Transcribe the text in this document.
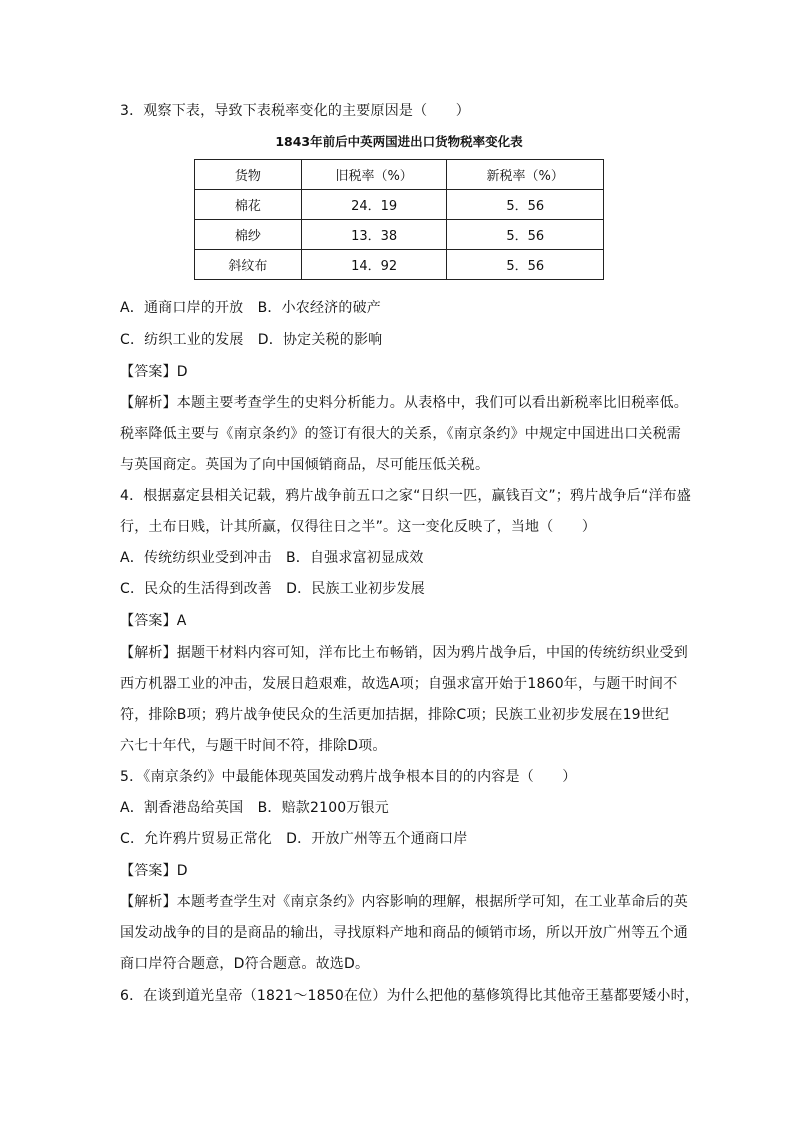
3．观察下表，导致下表税率变化的主要原因是（　　）
1843年前后中英两国进出口货物税率变化表
货物	旧税率（%）	新税率（%）
棉花	24．19	5．56
棉纱	13．38	5．56
斜纹布	14．92	5．56
A．通商口岸的开放　B．小农经济的破产
C．纺织工业的发展　D．协定关税的影响
【答案】D
【解析】本题主要考查学生的史料分析能力。从表格中，我们可以看出新税率比旧税率低。
税率降低主要与《南京条约》的签订有很大的关系，《南京条约》中规定中国进出口关税需
与英国商定。英国为了向中国倾销商品，尽可能压低关税。
4．根据嘉定县相关记载，鸦片战争前五口之家“日织一匹，赢钱百文”；鸦片战争后“洋布盛
行，土布日贱，计其所赢，仅得往日之半”。这一变化反映了，当地（　　）
A．传统纺织业受到冲击　B．自强求富初显成效
C．民众的生活得到改善　D．民族工业初步发展
【答案】A
【解析】据题干材料内容可知，洋布比土布畅销，因为鸦片战争后，中国的传统纺织业受到
西方机器工业的冲击，发展日趋艰难，故选A项；自强求富开始于1860年，与题干时间不
符，排除B项；鸦片战争使民众的生活更加拮据，排除C项；民族工业初步发展在19世纪
六七十年代，与题干时间不符，排除D项。
5．《南京条约》中最能体现英国发动鸦片战争根本目的的内容是（　　）
A．割香港岛给英国　B．赔款2100万银元
C．允许鸦片贸易正常化　D．开放广州等五个通商口岸
【答案】D
【解析】本题考查学生对《南京条约》内容影响的理解，根据所学可知，在工业革命后的英
国发动战争的目的是商品的输出，寻找原料产地和商品的倾销市场，所以开放广州等五个通
商口岸符合题意，D符合题意。故选D。
6．在谈到道光皇帝（1821～1850在位）为什么把他的墓修筑得比其他帝王墓都要矮小时，
